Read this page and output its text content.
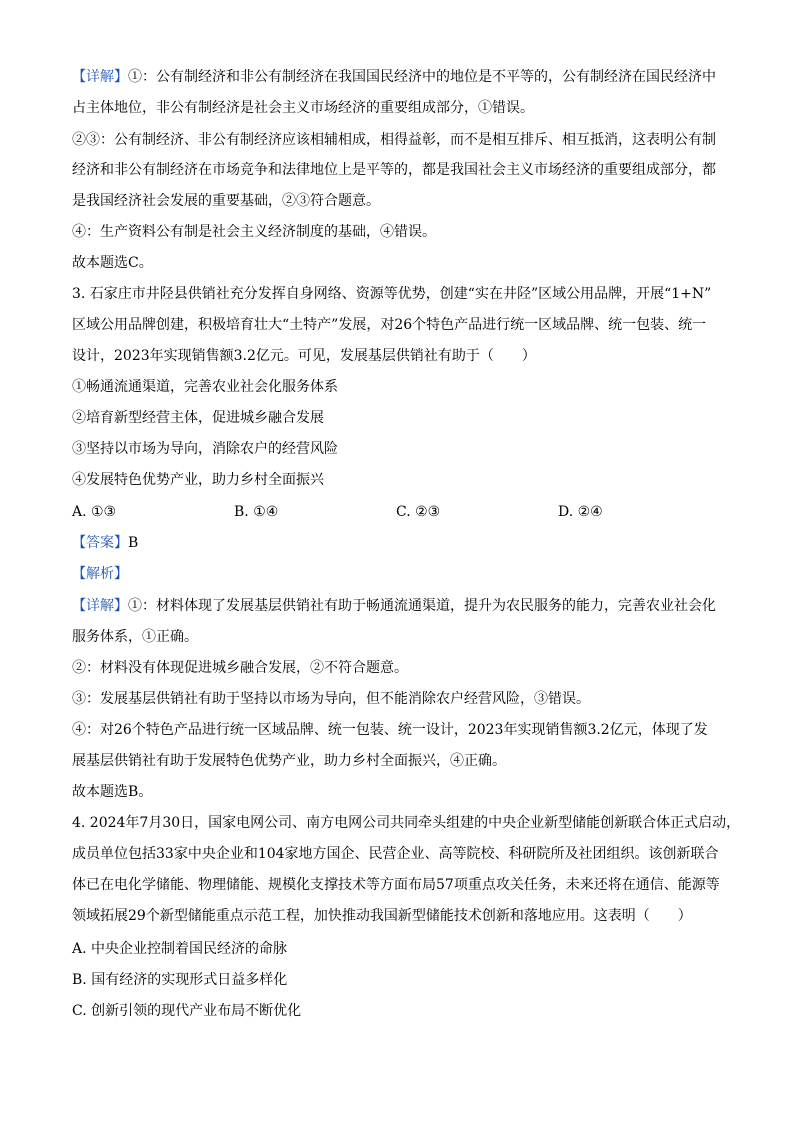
【详解】①：公有制经济和非公有制经济在我国国民经济中的地位是不平等的，公有制经济在国民经济中
占主体地位，非公有制经济是社会主义市场经济的重要组成部分，①错误。
②③：公有制经济、非公有制经济应该相辅相成，相得益彰，而不是相互排斥、相互抵消，这表明公有制
经济和非公有制经济在市场竞争和法律地位上是平等的，都是我国社会主义市场经济的重要组成部分，都
是我国经济社会发展的重要基础，②③符合题意。
④：生产资料公有制是社会主义经济制度的基础，④错误。
故本题选C。
3. 石家庄市井陉县供销社充分发挥自身网络、资源等优势，创建“实在井陉”区域公用品牌，开展“1+N”
区域公用品牌创建，积极培育壮大“土特产”发展，对26个特色产品进行统一区域品牌、统一包装、统一
设计，2023年实现销售额3.2亿元。可见，发展基层供销社有助于（　　）
①畅通流通渠道，完善农业社会化服务体系
②培育新型经营主体，促进城乡融合发展
③坚持以市场为导向，消除农户的经营风险
④发展特色优势产业，助力乡村全面振兴
A. ①③	B. ①④	C. ②③	D. ②④
【答案】B
【解析】
【详解】①：材料体现了发展基层供销社有助于畅通流通渠道，提升为农民服务的能力，完善农业社会化
服务体系，①正确。
②：材料没有体现促进城乡融合发展，②不符合题意。
③：发展基层供销社有助于坚持以市场为导向，但不能消除农户经营风险，③错误。
④：对26个特色产品进行统一区域品牌、统一包装、统一设计，2023年实现销售额3.2亿元，体现了发
展基层供销社有助于发展特色优势产业，助力乡村全面振兴，④正确。
故本题选B。
4. 2024年7月30日，国家电网公司、南方电网公司共同牵头组建的中央企业新型储能创新联合体正式启动，
成员单位包括33家中央企业和104家地方国企、民营企业、高等院校、科研院所及社团组织。该创新联合
体已在电化学储能、物理储能、规模化支撑技术等方面布局57项重点攻关任务，未来还将在通信、能源等
领域拓展29个新型储能重点示范工程，加快推动我国新型储能技术创新和落地应用。这表明（　　）
A. 中央企业控制着国民经济的命脉
B. 国有经济的实现形式日益多样化
C. 创新引领的现代产业布局不断优化
